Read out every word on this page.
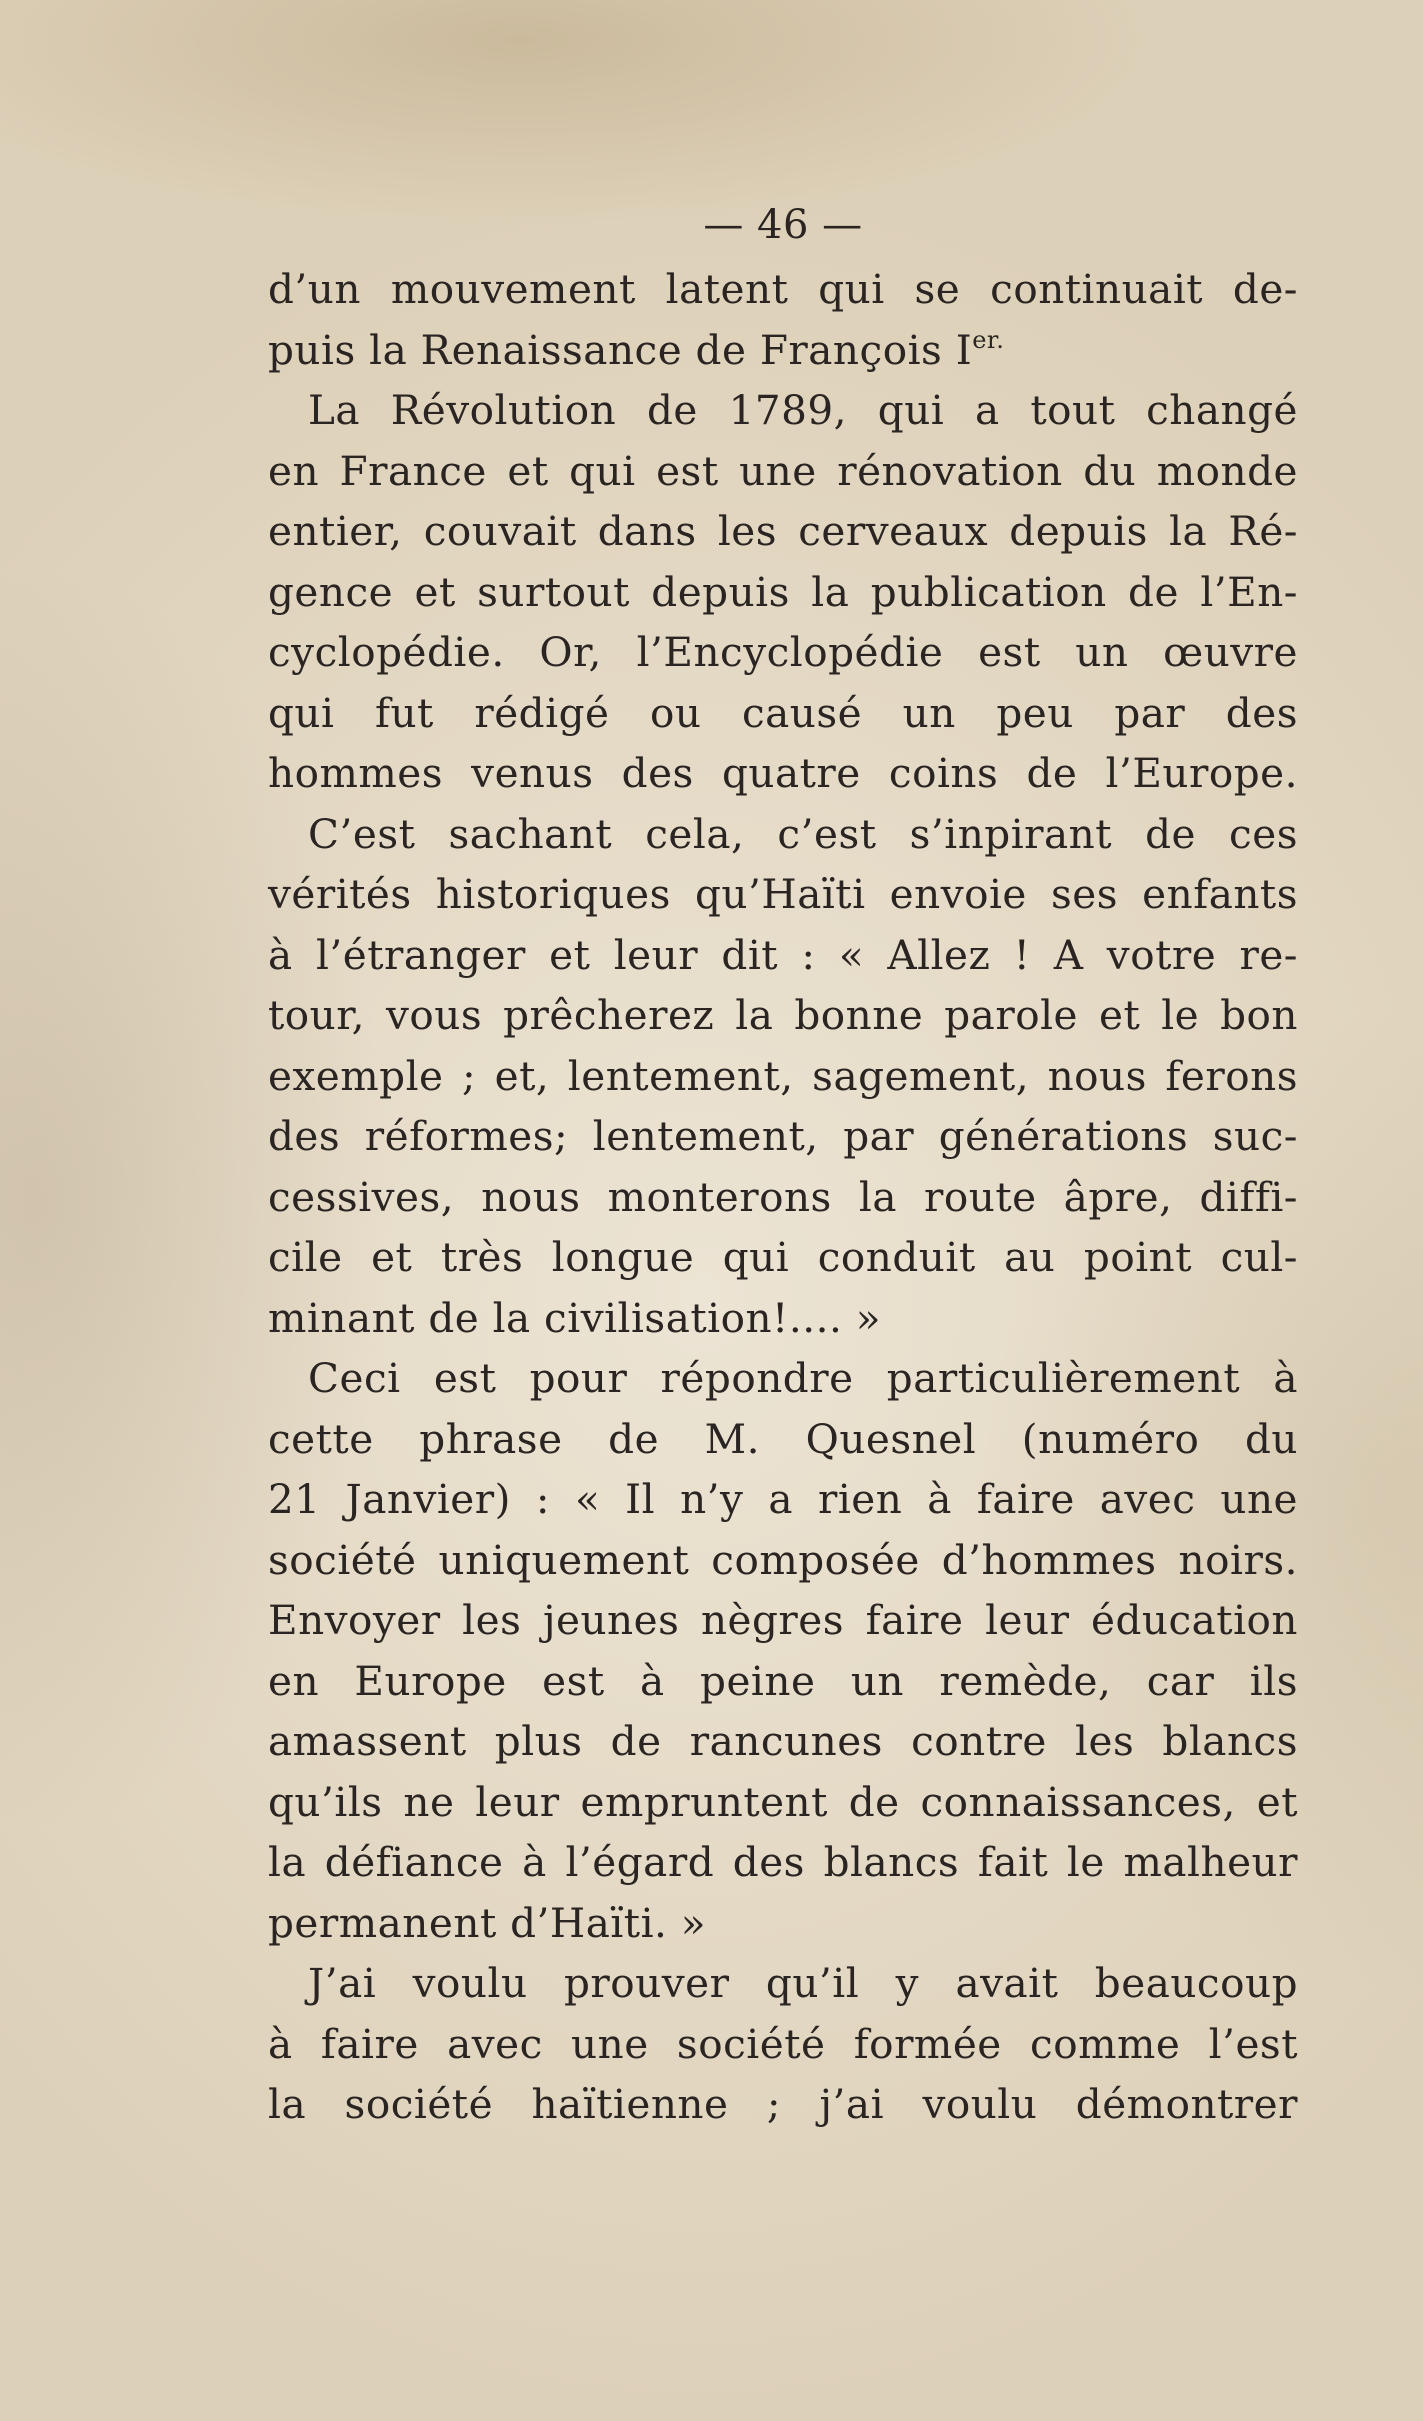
— 46 —
d’un mouvement latent qui se continuait de-
puis la Renaissance de François $I^{er.}$
La Révolution de 1789, qui a tout changé
en France et qui est une rénovation du monde
entier, couvait dans les cerveaux depuis la Ré-
gence et surtout depuis la publication de l’En-
cyclopédie. Or, l’Encyclopédie est un œuvre
qui fut rédigé ou causé un peu par des
hommes venus des quatre coins de l’Europe.
C’est sachant cela, c’est s’inpirant de ces
vérités historiques qu’Haïti envoie ses enfants
à l’étranger et leur dit : « Allez ! A votre re-
tour, vous prêcherez la bonne parole et le bon
exemple ; et, lentement, sagement, nous ferons
des réformes; lentement, par générations suc-
cessives, nous monterons la route âpre, diffi-
cile et très longue qui conduit au point cul-
minant de la civilisation!.... »
Ceci est pour répondre particulièrement à
cette phrase de M. Quesnel (numéro du
21 Janvier) : « Il n’y a rien à faire avec une
société uniquement composée d’hommes noirs.
Envoyer les jeunes nègres faire leur éducation
en Europe est à peine un remède, car ils
amassent plus de rancunes contre les blancs
qu’ils ne leur empruntent de connaissances, et
la défiance à l’égard des blancs fait le malheur
permanent d’Haïti. »
J’ai voulu prouver qu’il y avait beaucoup
à faire avec une société formée comme l’est
la société haïtienne ; j’ai voulu démontrer
